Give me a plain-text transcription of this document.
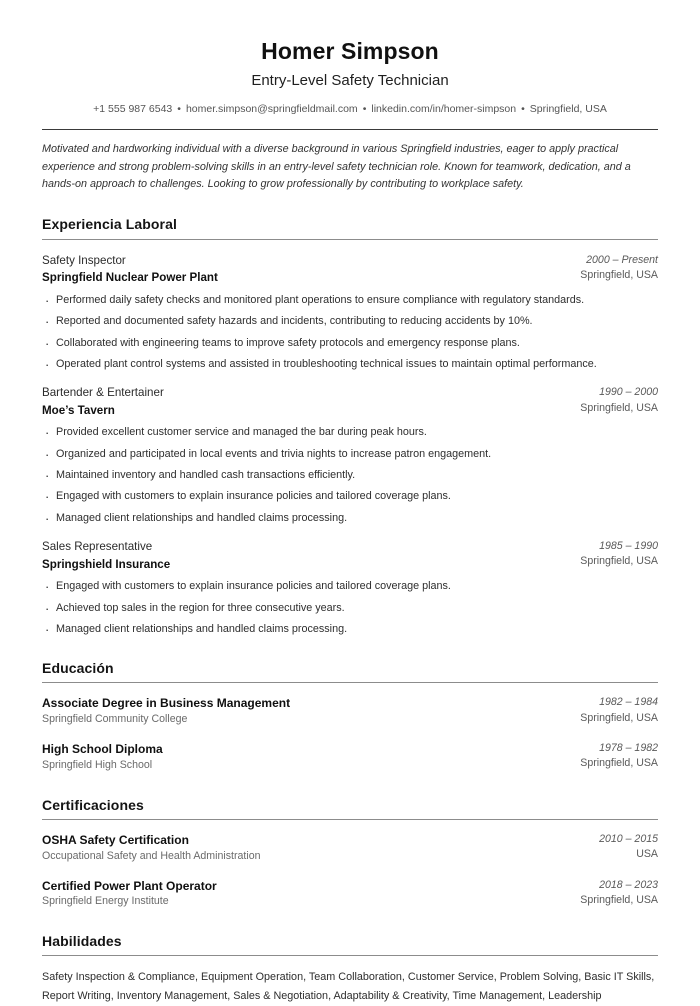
Homer Simpson
Entry-Level Safety Technician
+1 555 987 6543 • homer.simpson@springfieldmail.com • linkedin.com/in/homer-simpson • Springfield, USA

Motivated and hardworking individual with a diverse background in various Springfield industries, eager to apply practical experience and strong problem-solving skills in an entry-level safety technician role. Known for teamwork, dedication, and a hands-on approach to challenges. Looking to grow professionally by contributing to workplace safety.

Experiencia Laboral
Safety Inspector
Springfield Nuclear Power Plant
2000 – Present
Springfield, USA
· Performed daily safety checks and monitored plant operations to ensure compliance with regulatory standards.
· Reported and documented safety hazards and incidents, contributing to reducing accidents by 10%.
· Collaborated with engineering teams to improve safety protocols and emergency response plans.
· Operated plant control systems and assisted in troubleshooting technical issues to maintain optimal performance.
Bartender & Entertainer
Moe’s Tavern
1990 – 2000
Springfield, USA
· Provided excellent customer service and managed the bar during peak hours.
· Organized and participated in local events and trivia nights to increase patron engagement.
· Maintained inventory and handled cash transactions efficiently.
· Engaged with customers to explain insurance policies and tailored coverage plans.
· Managed client relationships and handled claims processing.
Sales Representative
Springshield Insurance
1985 – 1990
Springfield, USA
· Engaged with customers to explain insurance policies and tailored coverage plans.
· Achieved top sales in the region for three consecutive years.
· Managed client relationships and handled claims processing.
Educación
Associate Degree in Business Management
Springfield Community College
1982 – 1984
Springfield, USA
High School Diploma
Springfield High School
1978 – 1982
Springfield, USA
Certificaciones
OSHA Safety Certification
Occupational Safety and Health Administration
2010 – 2015
USA
Certified Power Plant Operator
Springfield Energy Institute
2018 – 2023
Springfield, USA
Habilidades

Safety Inspection & Compliance, Equipment Operation, Team Collaboration, Customer Service, Problem Solving, Basic IT Skills, Report Writing, Inventory Management, Sales & Negotiation, Adaptability & Creativity, Time Management, Leadership
